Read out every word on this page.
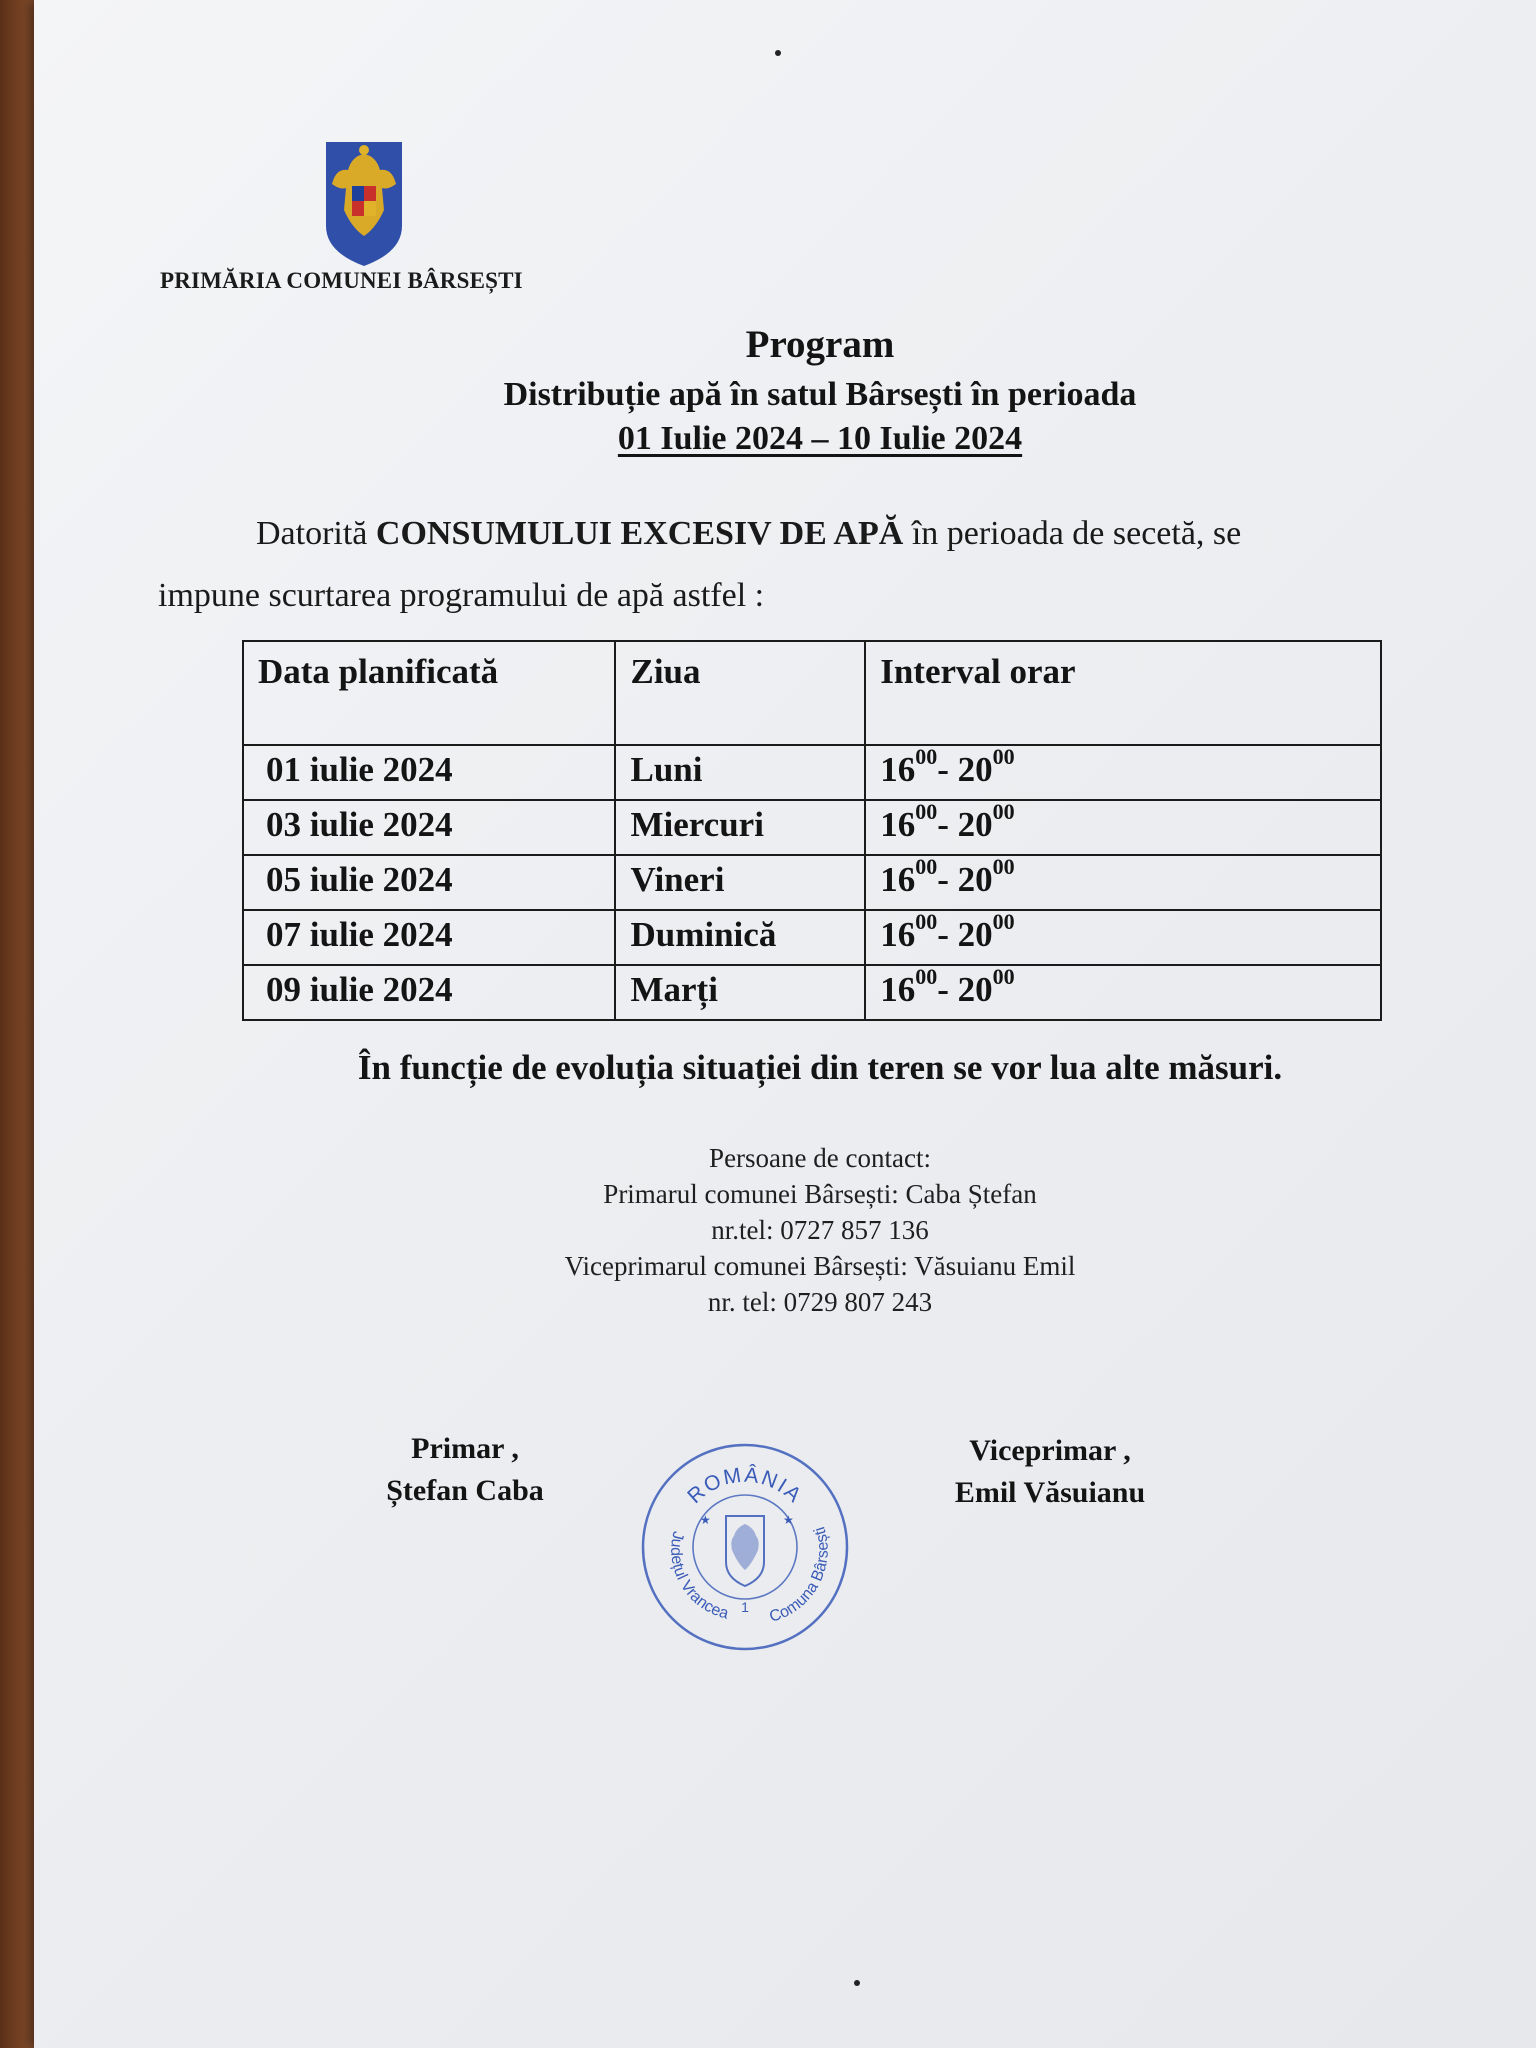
PRIMĂRIA COMUNEI BÂRSEȘTI
Program
Distribuție apă în satul Bârsești în perioada
01 Iulie 2024 – 10 Iulie 2024
Datorită CONSUMULUI EXCESIV DE APĂ în perioada de secetă, se
impune scurtarea programului de apă astfel :
Data planificată	Ziua	Interval orar
01 iulie 2024	Luni	$16^{00}-$ $20^{00}$
03 iulie 2024	Miercuri	$16^{00}-$ $20^{00}$
05 iulie 2024	Vineri	$16^{00}-$ $20^{00}$
07 iulie 2024	Duminică	$16^{00}-$ $20^{00}$
09 iulie 2024	Marți	$16^{00}-$ $20^{00}$
În funcție de evoluția situației din teren se vor lua alte măsuri.
Persoane de contact:
Primarul comunei Bârsești: Caba Ștefan
nr.tel: 0727 857 136
Viceprimarul comunei Bârsești: Văsuianu Emil
nr. tel: 0729 807 243
Primar ,
Ștefan Caba	ROMÂNIA
Județul Vrancea Comuna Bârsești
★	★
1
Viceprimar ,
Emil Văsuianu
